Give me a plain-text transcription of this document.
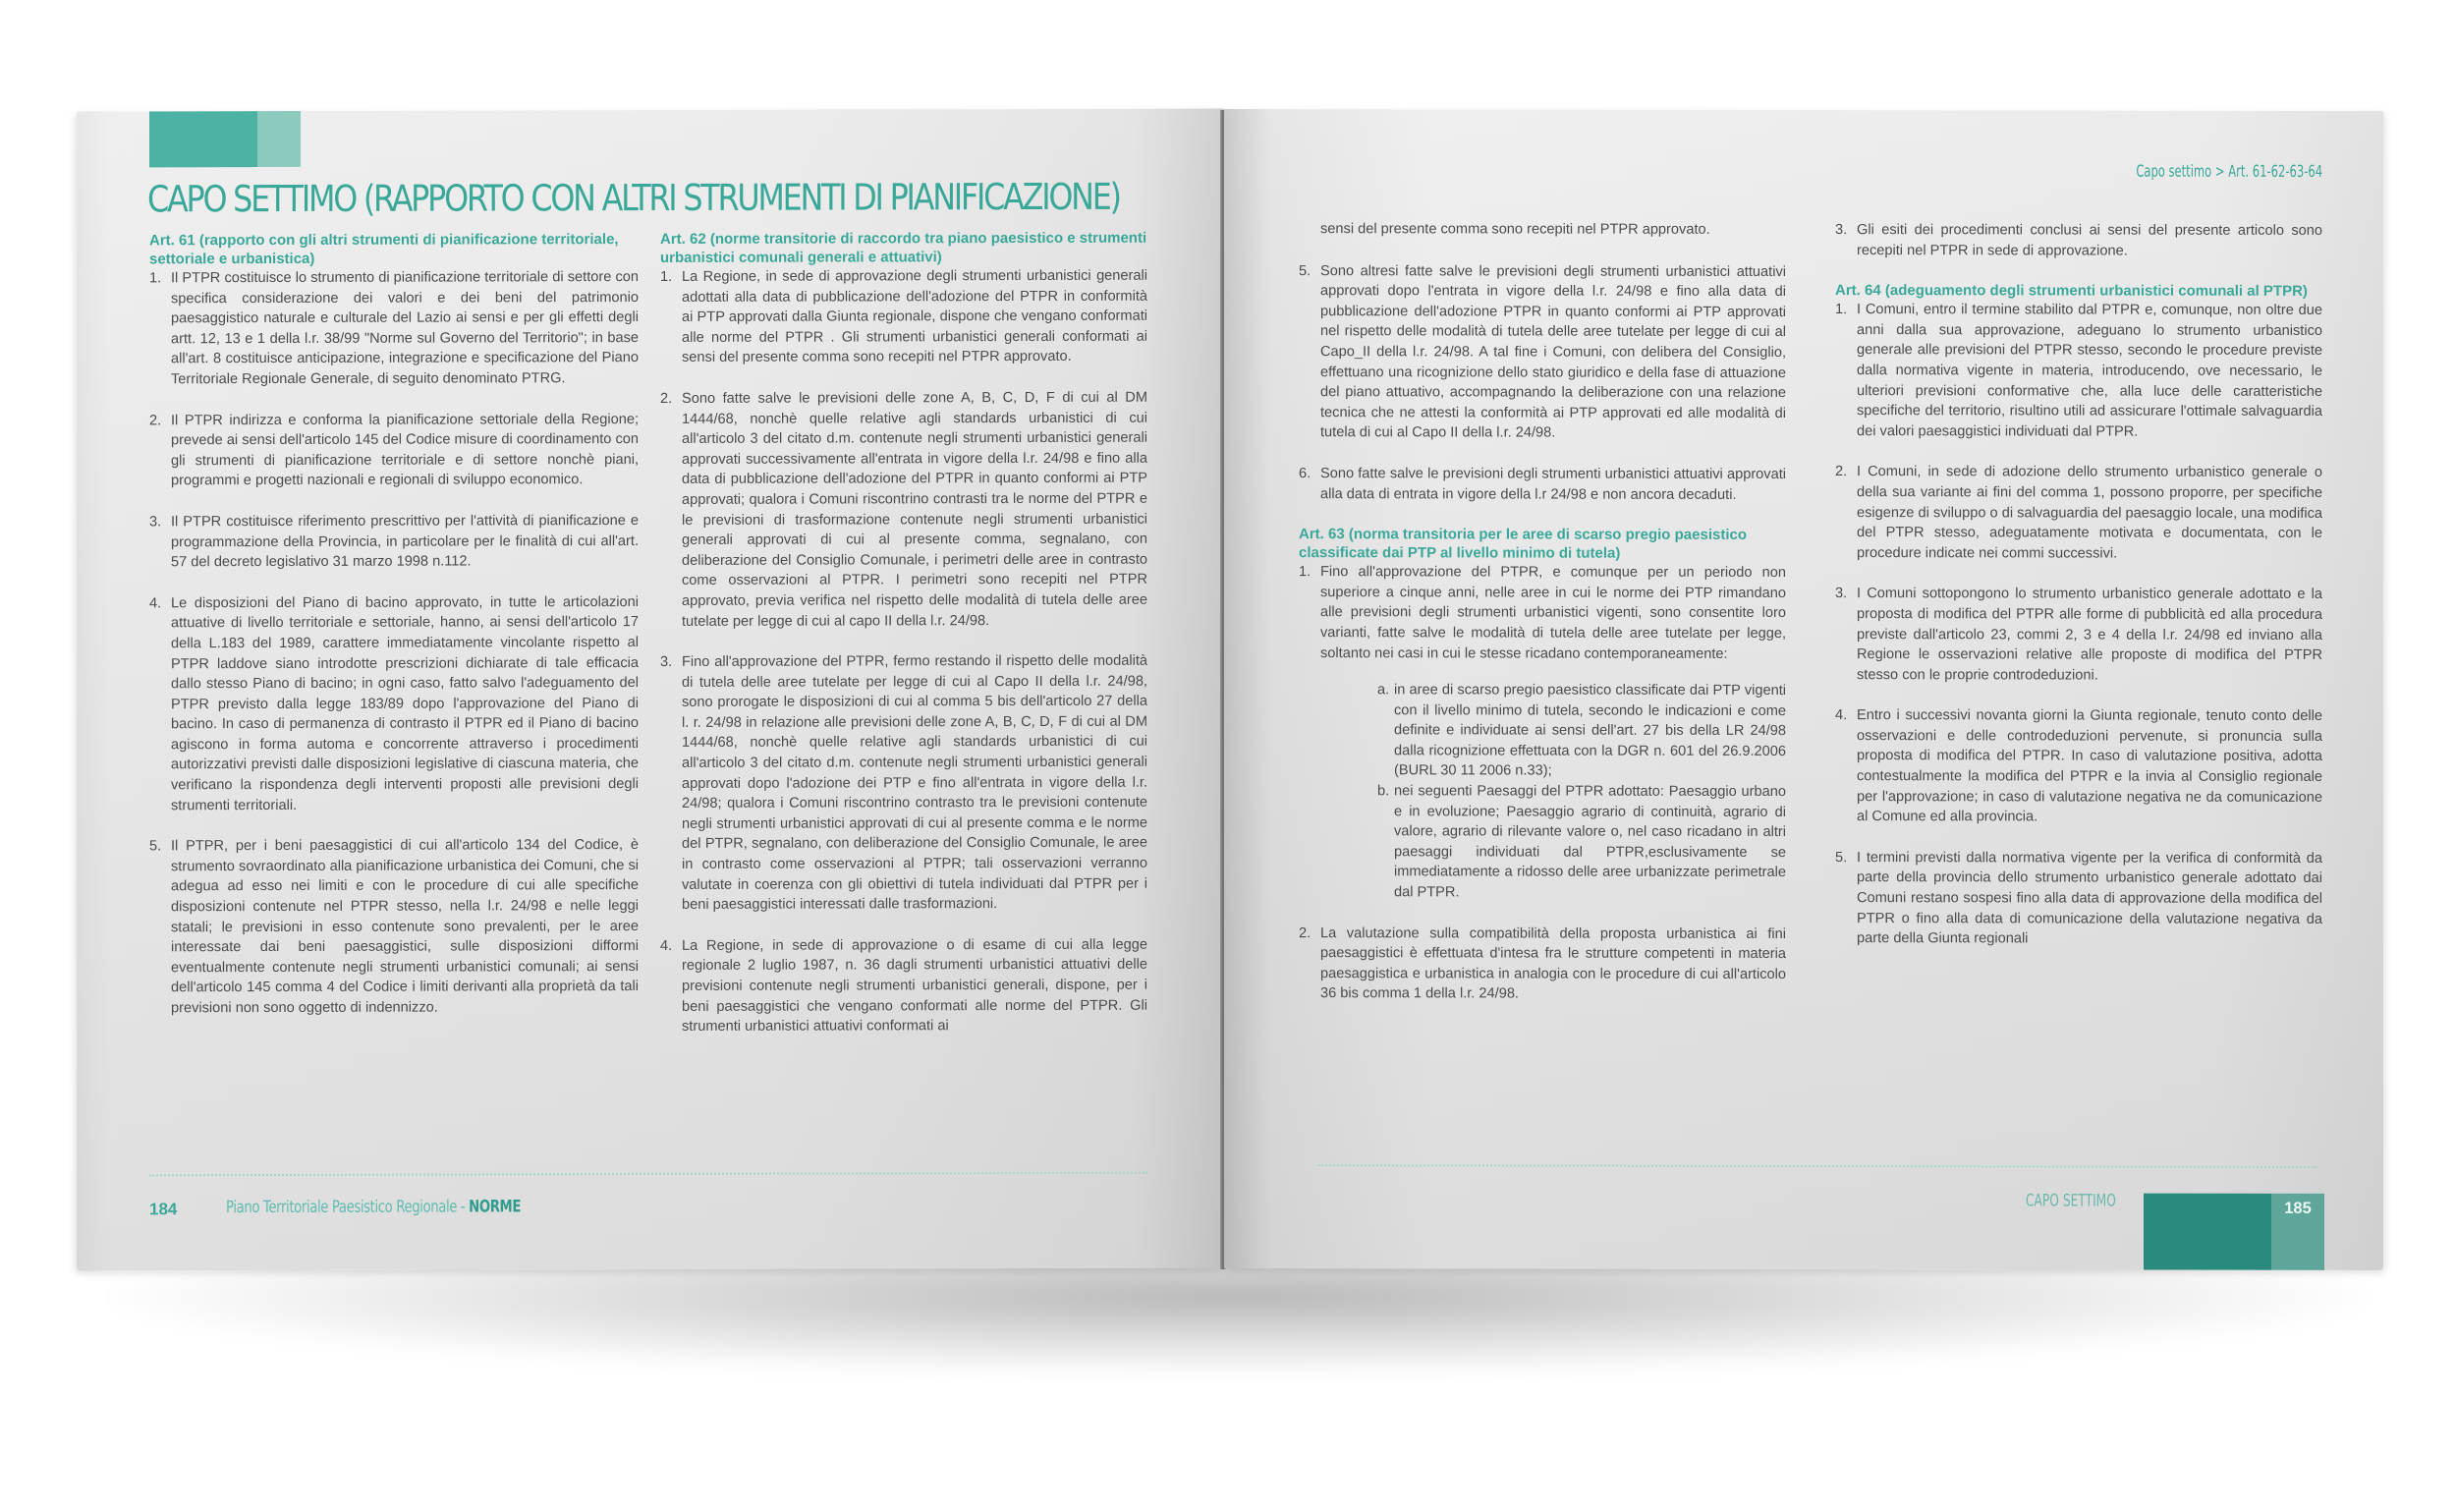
CAPO SETTIMO (RAPPORTO CON ALTRI STRUMENTI DI PIANIFICAZIONE)

Art. 61 (rapporto con gli altri strumenti di pianificazione territoriale, settoriale e urbanistica)

1. Il PTPR costituisce lo strumento di pianificazione territoriale di settore con specifica considerazione dei valori e dei beni del patrimonio paesaggistico naturale e culturale del Lazio ai sensi e per gli effetti degli artt. 12, 13 e 1 della l.r. 38/99 "Norme sul Governo del Territorio"; in base all'art. 8 costituisce anticipazione, integrazione e specificazione del Piano Territoriale Regionale Generale, di seguito denominato PTRG.
2. Il PTPR indirizza e conforma la pianificazione settoriale della Regione; prevede ai sensi dell'articolo 145 del Codice misure di coordinamento con gli strumenti di pianificazione territoriale e di settore nonchè piani, programmi e progetti nazionali e regionali di sviluppo economico.
3. Il PTPR costituisce riferimento prescrittivo per l'attività di pianificazione e programmazione della Provincia, in particolare per le finalità di cui all'art. 57 del decreto legislativo 31 marzo 1998 n.112.
4. Le disposizioni del Piano di bacino approvato, in tutte le articolazioni attuative di livello territoriale e settoriale, hanno, ai sensi dell'articolo 17 della L.183 del 1989, carattere immediatamente vincolante rispetto al PTPR laddove siano introdotte prescrizioni dichiarate di tale efficacia dallo stesso Piano di bacino; in ogni caso, fatto salvo l'adeguamento del PTPR previsto dalla legge 183/89 dopo l'approvazione del Piano di bacino. In caso di permanenza di contrasto il PTPR ed il Piano di bacino agiscono in forma automa e concorrente attraverso i procedimenti autorizzativi previsti dalle disposizioni legislative di ciascuna materia, che verificano la rispondenza degli interventi proposti alle previsioni degli strumenti territoriali.
5. Il PTPR, per i beni paesaggistici di cui all'articolo 134 del Codice, è strumento sovraordinato alla pianificazione urbanistica dei Comuni, che si adegua ad esso nei limiti e con le procedure di cui alle specifiche disposizioni contenute nel PTPR stesso, nella l.r. 24/98 e nelle leggi statali; le previsioni in esso contenute sono prevalenti, per le aree interessate dai beni paesaggistici, sulle disposizioni difformi eventualmente contenute negli strumenti urbanistici comunali; ai sensi dell'articolo 145 comma 4 del Codice i limiti derivanti alla proprietà da tali previsioni non sono oggetto di indennizzo.

Art. 62 (norme transitorie di raccordo tra piano paesistico e strumenti urbanistici comunali generali e attuativi)

1. La Regione, in sede di approvazione degli strumenti urbanistici generali adottati alla data di pubblicazione dell'adozione del PTPR in conformità ai PTP approvati dalla Giunta regionale, dispone che vengano conformati alle norme del PTPR . Gli strumenti urbanistici generali conformati ai sensi del presente comma sono recepiti nel PTPR approvato.
2. Sono fatte salve le previsioni delle zone A, B, C, D, F di cui al DM 1444/68, nonchè quelle relative agli standards urbanistici di cui all'articolo 3 del citato d.m. contenute negli strumenti urbanistici generali approvati successivamente all'entrata in vigore della l.r. 24/98 e fino alla data di pubblicazione dell'adozione del PTPR in quanto conformi ai PTP approvati; qualora i Comuni riscontrino contrasti tra le norme del PTPR e le previsioni di trasformazione contenute negli strumenti urbanistici generali approvati di cui al presente comma, segnalano, con deliberazione del Consiglio Comunale, i perimetri delle aree in contrasto come osservazioni al PTPR. I perimetri sono recepiti nel PTPR approvato, previa verifica nel rispetto delle modalità di tutela delle aree tutelate per legge di cui al capo II della l.r. 24/98.
3. Fino all'approvazione del PTPR, fermo restando il rispetto delle modalità di tutela delle aree tutelate per legge di cui al Capo II della l.r. 24/98, sono prorogate le disposizioni di cui al comma 5 bis dell'articolo 27 della l. r. 24/98 in relazione alle previsioni delle zone A, B, C, D, F di cui al DM 1444/68, nonchè quelle relative agli standards urbanistici di cui all'articolo 3 del citato d.m. contenute negli strumenti urbanistici generali approvati dopo l'adozione dei PTP e fino all'entrata in vigore della l.r. 24/98; qualora i Comuni riscontrino contrasto tra le previsioni contenute negli strumenti urbanistici approvati di cui al presente comma e le norme del PTPR, segnalano, con deliberazione del Consiglio Comunale, le aree in contrasto come osservazioni al PTPR; tali osservazioni verranno valutate in coerenza con gli obiettivi di tutela individuati dal PTPR per i beni paesaggistici interessati dalle trasformazioni.
4. La Regione, in sede di approvazione o di esame di cui alla legge regionale 2 luglio 1987, n. 36 dagli strumenti urbanistici attuativi delle previsioni contenute negli strumenti urbanistici generali, dispone, per i beni paesaggistici che vengano conformati alle norme del PTPR. Gli strumenti urbanistici attuativi conformati ai
184	Piano Territoriale Paesistico Regionale - NORME
Capo settimo > Art. 61-62-63-64

sensi del presente comma sono recepiti nel PTPR approvato.

5. Sono altresi fatte salve le previsioni degli strumenti urbanistici attuativi approvati dopo l'entrata in vigore della l.r. 24/98 e fino alla data di pubblicazione dell'adozione PTPR in quanto conformi ai PTP approvati nel rispetto delle modalità di tutela delle aree tutelate per legge di cui al Capo_II della l.r. 24/98. A tal fine i Comuni, con delibera del Consiglio, effettuano una ricognizione dello stato giuridico e della fase di attuazione del piano attuativo, accompagnando la deliberazione con una relazione tecnica che ne attesti la conformità ai PTP approvati ed alle modalità di tutela di cui al Capo II della l.r. 24/98.
6. Sono fatte salve le previsioni degli strumenti urbanistici attuativi approvati alla data di entrata in vigore della l.r 24/98 e non ancora decaduti.

Art. 63 (norma transitoria per le aree di scarso pregio paesistico classificate dai PTP al livello minimo di tutela)

1. Fino all'approvazione del PTPR, e comunque per un periodo non superiore a cinque anni, nelle aree in cui le norme dei PTP rimandano alle previsioni degli strumenti urbanistici vigenti, sono consentite loro varianti, fatte salve le modalità di tutela delle aree tutelate per legge, soltanto nei casi in cui le stesse ricadano contemporaneamente:
a. in aree di scarso pregio paesistico classificate dai PTP vigenti con il livello minimo di tutela, secondo le indicazioni e come definite e individuate ai sensi dell'art. 27 bis della LR 24/98 dalla ricognizione effettuata con la DGR n. 601 del 26.9.2006 (BURL 30 11 2006 n.33);
b. nei seguenti Paesaggi del PTPR adottato: Paesaggio urbano e in evoluzione; Paesaggio agrario di continuità, agrario di valore, agrario di rilevante valore o, nel caso ricadano in altri paesaggi individuati dal PTPR,esclusivamente se immediatamente a ridosso delle aree urbanizzate perimetrale dal PTPR.
2. La valutazione sulla compatibilità della proposta urbanistica ai fini paesaggistici è effettuata d'intesa fra le strutture competenti in materia paesaggistica e urbanistica in analogia con le procedure di cui all'articolo 36 bis comma 1 della l.r. 24/98.
3. Gli esiti dei procedimenti conclusi ai sensi del presente articolo sono recepiti nel PTPR in sede di approvazione.

Art. 64 (adeguamento degli strumenti urbanistici comunali al PTPR)

1. I Comuni, entro il termine stabilito dal PTPR e, comunque, non oltre due anni dalla sua approvazione, adeguano lo strumento urbanistico generale alle previsioni del PTPR stesso, secondo le procedure previste dalla normativa vigente in materia, introducendo, ove necessario, le ulteriori previsioni conformative che, alla luce delle caratteristiche specifiche del territorio, risultino utili ad assicurare l'ottimale salvaguardia dei valori paesaggistici individuati dal PTPR.
2. I Comuni, in sede di adozione dello strumento urbanistico generale o della sua variante ai fini del comma 1, possono proporre, per specifiche esigenze di sviluppo o di salvaguardia del paesaggio locale, una modifica del PTPR stesso, adeguatamente motivata e documentata, con le procedure indicate nei commi successivi.
3. I Comuni sottopongono lo strumento urbanistico generale adottato e la proposta di modifica del PTPR alle forme di pubblicità ed alla procedura previste dall'articolo 23, commi 2, 3 e 4 della l.r. 24/98 ed inviano alla Regione le osservazioni relative alle proposte di modifica del PTPR stesso con le proprie controdeduzioni.
4. Entro i successivi novanta giorni la Giunta regionale, tenuto conto delle osservazioni e delle controdeduzioni pervenute, si pronuncia sulla proposta di modifica del PTPR. In caso di valutazione positiva, adotta contestualmente la modifica del PTPR e la invia al Consiglio regionale per l'approvazione; in caso di valutazione negativa ne da comunicazione al Comune ed alla provincia.
5. I termini previsti dalla normativa vigente per la verifica di conformità da parte della provincia dello strumento urbanistico generale adottato dai Comuni restano sospesi fino alla data di approvazione della modifica del PTPR o fino alla data di comunicazione della valutazione negativa da parte della Giunta regionali
CAPO SETTIMO	185
